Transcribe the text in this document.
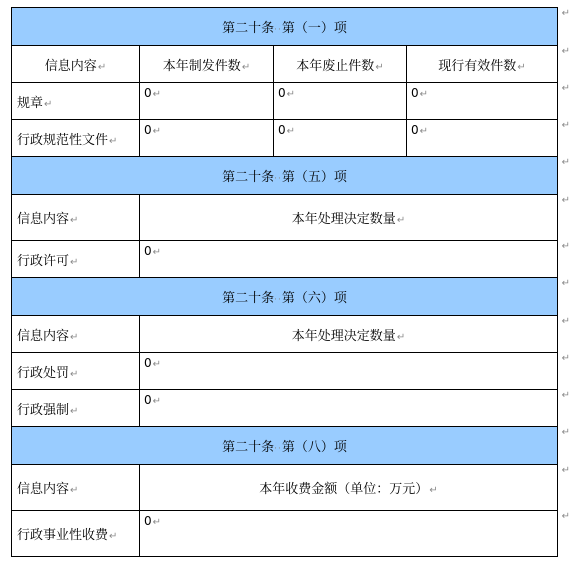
第二十条··第（一）项
↵			

信息内容↵	本年制发件数↵	本年废止件数↵	现行有效件数↵
↵

规章↵	0↵	0↵	0↵
↵

行政规范性文件↵	0↵	0↵	0↵
↵

第二十条··第（五）项
↵			

信息内容↵	本年处理决定数量↵
↵		

行政许可↵	0↵
↵		

第二十条··第（六）项
↵			

信息内容↵	本年处理决定数量↵
↵		

行政处罚↵	0↵
↵		

行政强制↵	0↵
↵		

第二十条··第（八）项
↵			

信息内容↵	本年收费金额（单位：万元）↵
↵		

行政事业性收费↵	0↵
↵		
